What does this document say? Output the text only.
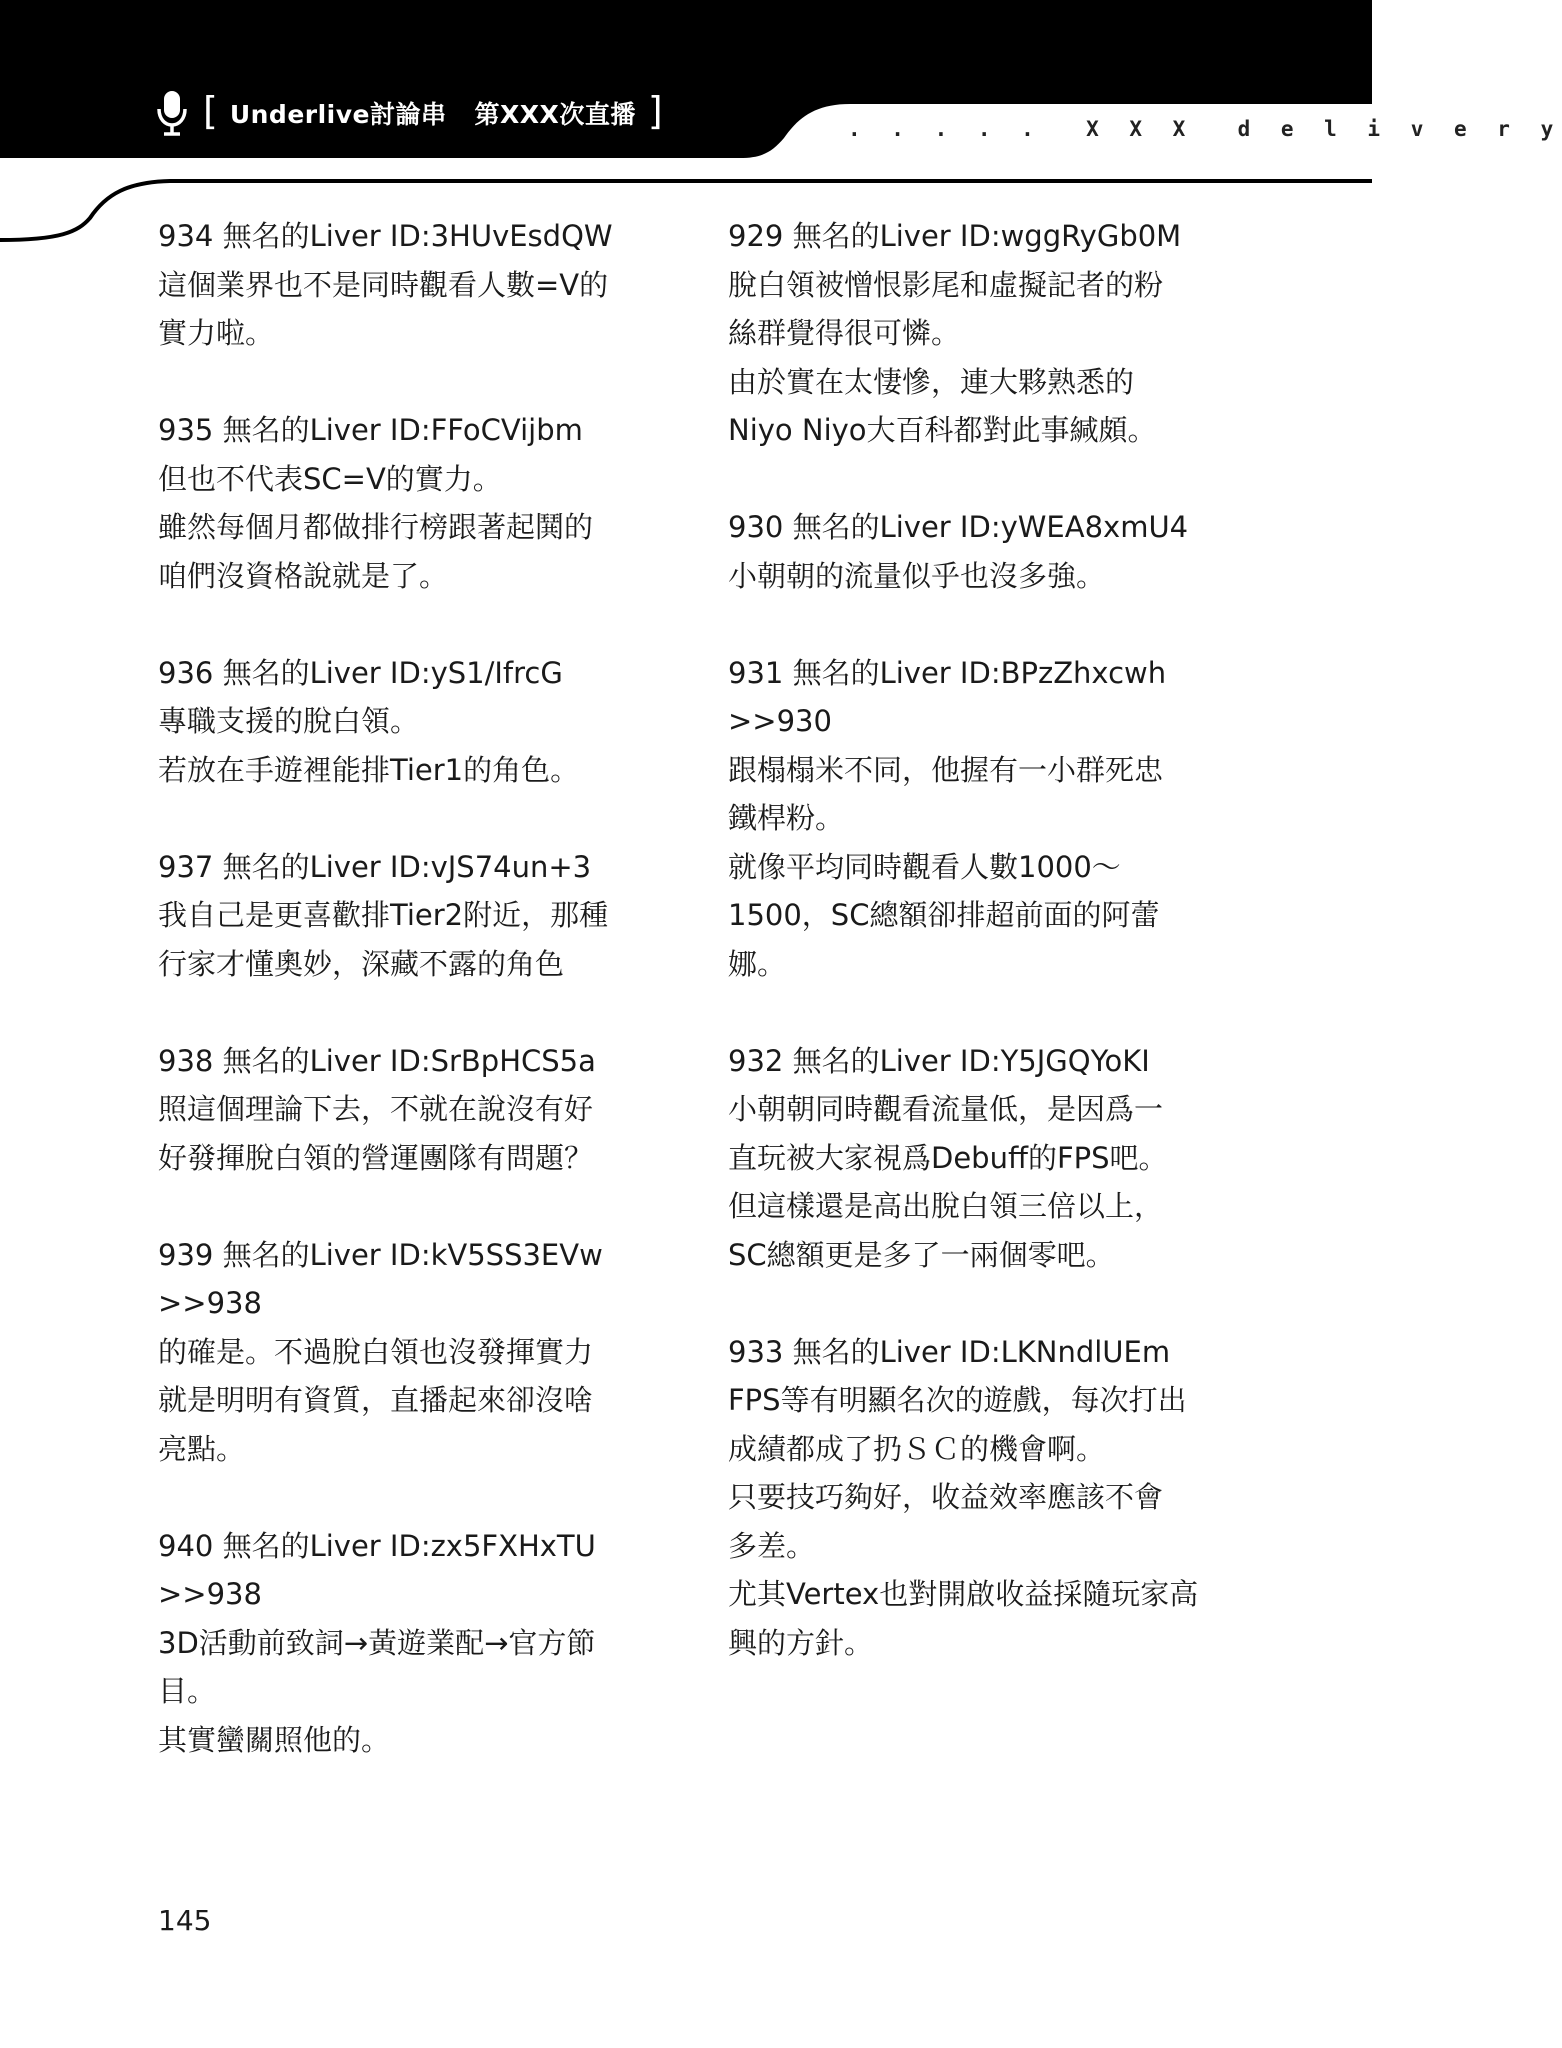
[ Underlive討論串 第XXX次直播 ]	. . . . .  X X X  d e l i v e r y
934 無名的Liver ID:3HUvEsdQW
這個業界也不是同時觀看人數=V的
實力啦。
935 無名的Liver ID:FFoCVijbm
但也不代表SC=V的實力。
雖然每個月都做排行榜跟著起鬨的
咱們沒資格說就是了。
936 無名的Liver ID:yS1/IfrcG
專職支援的脫白領。
若放在手遊裡能排Tier1的角色。
937 無名的Liver ID:vJS74un+3
我自己是更喜歡排Tier2附近，那種
行家才懂奧妙，深藏不露的角色
938 無名的Liver ID:SrBpHCS5a
照這個理論下去，不就在說沒有好
好發揮脫白領的營運團隊有問題？
939 無名的Liver ID:kV5SS3EVw
>>938
的確是。不過脫白領也沒發揮實力
就是明明有資質，直播起來卻沒啥
亮點。
940 無名的Liver ID:zx5FXHxTU
>>938
3D活動前致詞→黃遊業配→官方節
目。
其實蠻關照他的。
929 無名的Liver ID:wggRyGb0M
脫白領被憎恨影尾和虛擬記者的粉
絲群覺得很可憐。
由於實在太悽慘，連大夥熟悉的
Niyo Niyo大百科都對此事緘頗。
930 無名的Liver ID:yWEA8xmU4
小朝朝的流量似乎也沒多強。
931 無名的Liver ID:BPzZhxcwh
>>930
跟榻榻米不同，他握有一小群死忠
鐵桿粉。
就像平均同時觀看人數1000～
1500，SC總額卻排超前面的阿蕾
娜。
932 無名的Liver ID:Y5JGQYoKI
小朝朝同時觀看流量低，是因爲一
直玩被大家視爲Debuff的FPS吧。
但這樣還是高出脫白領三倍以上，
SC總額更是多了一兩個零吧。
933 無名的Liver ID:LKNndlUEm
FPS等有明顯名次的遊戲，每次打出
成績都成了扔ＳＣ的機會啊。
只要技巧夠好，收益效率應該不會
多差。
尤其Vertex也對開啟收益採隨玩家高
興的方針。
145
